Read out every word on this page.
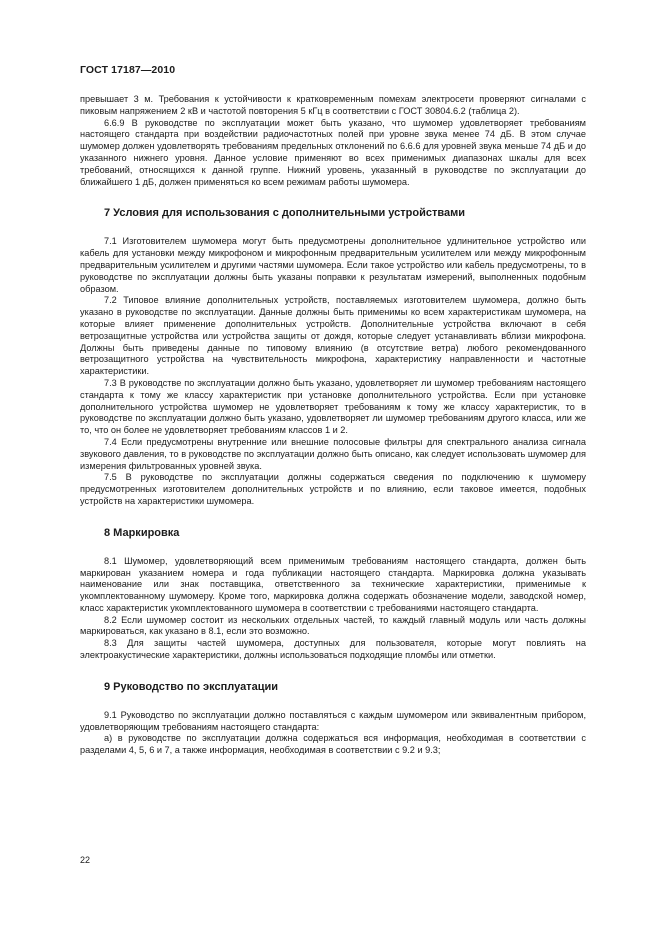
ГОСТ 17187—2010

превышает 3 м. Требования к устойчивости к кратковременным помехам электросети проверяют сигналами с пиковым напряжением 2 кВ и частотой повторения 5 кГц в соответствии с ГОСТ 30804.6.2 (таблица 2).

6.6.9 В руководстве по эксплуатации может быть указано, что шумомер удовлетворяет требованиям настоящего стандарта при воздействии радиочастотных полей при уровне звука менее 74 дБ. В этом случае шумомер должен удовлетворять требованиям предельных отклонений по 6.6.6 для уровней звука меньше 74 дБ и до указанного нижнего уровня. Данное условие применяют во всех применимых диапазонах шкалы для всех требований, относящихся к данной группе. Нижний уровень, указанный в руководстве по эксплуатации до ближайшего 1 дБ, должен применяться ко всем режимам работы шумомера.

7 Условия для использования с дополнительными устройствами

7.1 Изготовителем шумомера могут быть предусмотрены дополнительное удлинительное устройство или кабель для установки между микрофоном и микрофонным предварительным усилителем или между микрофонным предварительным усилителем и другими частями шумомера. Если такое устройство или кабель предусмотрены, то в руководстве по эксплуатации должны быть указаны поправки к результатам измерений, выполненных подобным образом.

7.2 Типовое влияние дополнительных устройств, поставляемых изготовителем шумомера, должно быть указано в руководстве по эксплуатации. Данные должны быть применимы ко всем характеристикам шумомера, на которые влияет применение дополнительных устройств. Дополнительные устройства включают в себя ветрозащитные устройства или устройства защиты от дождя, которые следует устанавливать вблизи микрофона. Должны быть приведены данные по типовому влиянию (в отсутствие ветра) любого рекомендованного ветрозащитного устройства на чувствительность микрофона, характеристику направленности и частотные характеристики.

7.3 В руководстве по эксплуатации должно быть указано, удовлетворяет ли шумомер требованиям настоящего стандарта к тому же классу характеристик при установке дополнительного устройства. Если при установке дополнительного устройства шумомер не удовлетворяет требованиям к тому же классу характеристик, то в руководстве по эксплуатации должно быть указано, удовлетворяет ли шумомер требованиям другого класса, или же то, что он более не удовлетворяет требованиям классов 1 и 2.

7.4 Если предусмотрены внутренние или внешние полосовые фильтры для спектрального анализа сигнала звукового давления, то в руководстве по эксплуатации должно быть описано, как следует использовать шумомер для измерения фильтрованных уровней звука.

7.5 В руководстве по эксплуатации должны содержаться сведения по подключению к шумомеру предусмотренных изготовителем дополнительных устройств и по влиянию, если таковое имеется, подобных устройств на характеристики шумомера.

8 Маркировка

8.1 Шумомер, удовлетворяющий всем применимым требованиям настоящего стандарта, должен быть маркирован указанием номера и года публикации настоящего стандарта. Маркировка должна указывать наименование или знак поставщика, ответственного за технические характеристики, применимые к укомплектованному шумомеру. Кроме того, маркировка должна содержать обозначение модели, заводской номер, класс характеристик укомплектованного шумомера в соответствии с требованиями настоящего стандарта.

8.2 Если шумомер состоит из нескольких отдельных частей, то каждый главный модуль или часть должны маркироваться, как указано в 8.1, если это возможно.

8.3 Для защиты частей шумомера, доступных для пользователя, которые могут повлиять на электроакустические характеристики, должны использоваться подходящие пломбы или отметки.

9 Руководство по эксплуатации

9.1 Руководство по эксплуатации должно поставляться с каждым шумомером или эквивалентным прибором, удовлетворяющим требованиям настоящего стандарта:

а) в руководстве по эксплуатации должна содержаться вся информация, необходимая в соответствии с разделами 4, 5, 6 и 7, а также информация, необходимая в соответствии с 9.2 и 9.3;

22
